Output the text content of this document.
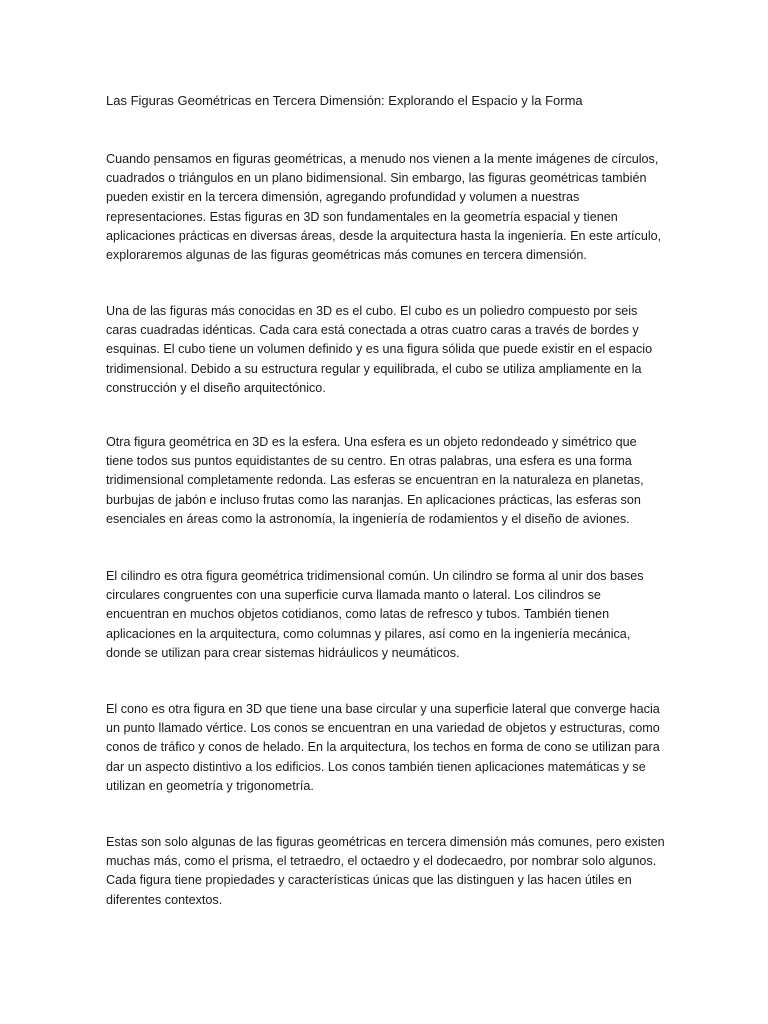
Las Figuras Geométricas en Tercera Dimensión: Explorando el Espacio y la Forma

Cuando pensamos en figuras geométricas, a menudo nos vienen a la mente imágenes de círculos, cuadrados o triángulos en un plano bidimensional. Sin embargo, las figuras geométricas también pueden existir en la tercera dimensión, agregando profundidad y volumen a nuestras representaciones. Estas figuras en 3D son fundamentales en la geometría espacial y tienen aplicaciones prácticas en diversas áreas, desde la arquitectura hasta la ingeniería. En este artículo, exploraremos algunas de las figuras geométricas más comunes en tercera dimensión.

Una de las figuras más conocidas en 3D es el cubo. El cubo es un poliedro compuesto por seis caras cuadradas idénticas. Cada cara está conectada a otras cuatro caras a través de bordes y esquinas. El cubo tiene un volumen definido y es una figura sólida que puede existir en el espacio tridimensional. Debido a su estructura regular y equilibrada, el cubo se utiliza ampliamente en la construcción y el diseño arquitectónico.

Otra figura geométrica en 3D es la esfera. Una esfera es un objeto redondeado y simétrico que tiene todos sus puntos equidistantes de su centro. En otras palabras, una esfera es una forma tridimensional completamente redonda. Las esferas se encuentran en la naturaleza en planetas, burbujas de jabón e incluso frutas como las naranjas. En aplicaciones prácticas, las esferas son esenciales en áreas como la astronomía, la ingeniería de rodamientos y el diseño de aviones.

El cilindro es otra figura geométrica tridimensional común. Un cilindro se forma al unir dos bases circulares congruentes con una superficie curva llamada manto o lateral. Los cilindros se encuentran en muchos objetos cotidianos, como latas de refresco y tubos. También tienen aplicaciones en la arquitectura, como columnas y pilares, así como en la ingeniería mecánica, donde se utilizan para crear sistemas hidráulicos y neumáticos.

El cono es otra figura en 3D que tiene una base circular y una superficie lateral que converge hacia un punto llamado vértice. Los conos se encuentran en una variedad de objetos y estructuras, como conos de tráfico y conos de helado. En la arquitectura, los techos en forma de cono se utilizan para dar un aspecto distintivo a los edificios. Los conos también tienen aplicaciones matemáticas y se utilizan en geometría y trigonometría.

Estas son solo algunas de las figuras geométricas en tercera dimensión más comunes, pero existen muchas más, como el prisma, el tetraedro, el octaedro y el dodecaedro, por nombrar solo algunos. Cada figura tiene propiedades y características únicas que las distinguen y las hacen útiles en diferentes contextos.
